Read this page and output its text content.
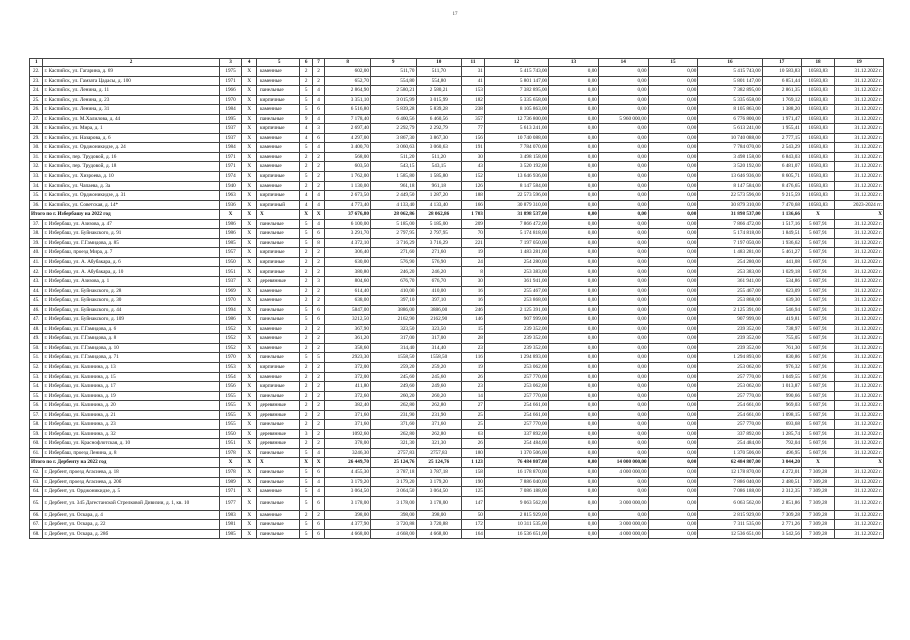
17
1	2	3	4	5	6	7	8	9	10	11	12	13	14	15	16	17	18	19
22.	г. Каспийск, ул. Гагарина, д. 69	1975	X	каменные	2	2	602,00	511,70	511,70	31	5 415 743,00	0,00	0,00	0,00	5 415 743,00	10 583,83	10583,83	31.12.2022 г.
23.	г. Каспийск, ул. Гамзата Цадасы, д. 100	1971	X	каменные	2	2	652,70	554,80	554,80	41	5 801 147,00	0,00	0,00	0,00	5 801 147,00	6 851,44	10583,83	31.12.2022 г.
24.	г. Каспийск, ул. Ленина, д. 11	1966	X	панельные	5	4	2 864,90	2 580,21	2 580,21	153	7 382 895,00	0,00	0,00	0,00	7 382 895,00	2 861,35	10583,83	31.12.2022 г.
25.	г. Каспийск, ул. Ленина, д. 23	1970	X	кирпичные	5	4	3 351,10	3 015,99	3 015,99	182	5 335 658,00	0,00	0,00	0,00	5 335 658,00	1 769,12	10583,83	31.12.2022 г.
26.	г. Каспийск, ул. Ленина, д. 31	1984	X	каменные	5	6	6 516,80	5 839,28	5 839,28	238	8 105 863,00	0,00	0,00	0,00	8 105 863,00	1 388,20	10583,83	31.12.2022 г.
27.	г. Каспийск, ул. М.Халилова, д. 44	1995	X	панельные	9	4	7 178,40	6 460,56	6 460,56	357	12 736 800,00	0,00	5 960 000,00	0,00	6 776 800,00	1 971,47	10583,83	31.12.2022 г.
28.	г. Каспийск, ул. Мира, д. 1	1937	X	кирпичные	4	3	2 697,40	2 292,79	2 292,79	77	5 613 241,00	0,00	0,00	0,00	5 613 241,00	1 955,41	10583,83	31.12.2022 г.
29.	г. Каспийск, ул. Назарова, д. 6	1937	X	каменные	4	6	4 297,00	3 867,30	3 867,30	156	10 740 088,00	0,00	0,00	0,00	10 740 088,00	2 777,15	10583,83	31.12.2022 г.
30.	г. Каспийск, ул. Орджоникидзе, д. 24	1984	X	каменные	5	4	3 400,70	3 060,63	3 060,63	191	7 784 070,00	0,00	0,00	0,00	7 784 070,00	2 543,29	10583,83	31.12.2022 г.
31.	г. Каспийск, пер. Трудовой, д. 16	1971	X	каменные	2	2	568,00	511,20	511,20	30	3 498 158,00	0,00	0,00	0,00	3 498 158,00	6 843,03	10583,83	31.12.2022 г.
32.	г. Каспийск, пер. Трудовой, д. 18	1971	X	каменные	2	2	603,50	543,15	543,15	43	3 520 192,00	0,00	0,00	0,00	3 520 192,00	6 481,07	10583,83	31.12.2022 г.
33.	г. Каспийск, ул. Хизроева, д. 10	1974	X	кирпичные	5	2	1 762,00	1 585,80	1 585,80	152	13 646 936,00	0,00	0,00	0,00	13 646 936,00	8 605,71	10583,83	31.12.2022 г.
34.	г. Каспийск, ул. Чапаева, д. 3а	1940	X	каменные	2	2	1 130,00	961,18	961,18	126	8 147 584,00	0,00	0,00	0,00	8 147 584,00	8 476,65	10583,83	31.12.2022 г.
35.	г. Каспийск, ул. Орджоникидзе, д. 31	1963	X	кирпичные	4	4	2 673,50	2 449,50	1 287,20	188	22 573 596,00	0,00	0,00	0,00	22 573 596,00	9 215,59	10583,83	31.12.2022 г.
36.	г. Каспийск, ул. Советская, д. 14*	1936	X	кирпичный	4	4	4 773,40	4 133,40	4 133,40	166	30 879 310,00	0,00	0,00	0,00	30 879 310,00	7 470,68	10583,83	2023-2024 гг.
Итого по г. Избербашу на 2022 год		X	X	X	X	X	37 676,80	28 062,86	28 062,86	1 703	31 898 537,00	0,00	0,00	0,00	31 898 537,00	1 136,66	X	X
37.	г. Избербаш, ул. Азизова, д. 47	1986	X	панельные	5	4	6 100,00	5 185,00	5 185,00	209	7 866 472,00	0,00	0,00	0,00	7 866 472,00	1 517,16	5 607,91	31.12.2022 г.
38.	г. Избербаш, ул. Буйнакского, д. 91	1986	X	панельные	5	6	3 291,70	2 797,95	2 797,95	70	5 174 818,00	0,00	0,00	0,00	5 174 818,00	1 849,51	5 607,91	31.12.2022 г.
39.	г. Избербаш, ул. Г.Гамидова, д. 85	1985	X	панельные	5	8	4 372,10	3 716,29	3 716,29	221	7 197 050,00	0,00	0,00	0,00	7 197 050,00	1 936,62	5 607,91	31.12.2022 г.
40.	г. Избербаш, проезд Мира, д. 7	1957	X	кирпичные	2	2	306,40	271,60	271,60	19	1 483 281,00	0,00	0,00	0,00	1 483 281,00	5 461,27	5 607,91	31.12.2022 г.
41.	г. Избербаш, ул. А. Абубакара, д. 6	1950	X	кирпичные	2	2	630,00	576,90	576,90	24	254 280,00	0,00	0,00	0,00	254 280,00	441,08	5 607,91	31.12.2022 г.
42.	г. Избербаш, ул. А. Абубакара, д. 10	1951	X	кирпичные	2	2	380,80	246,20	246,20	8	253 383,00	0,00	0,00	0,00	253 383,00	1 029,18	5 607,91	31.12.2022 г.
43.	г. Избербаш, ул. Азизова, д. 1	1937	X	деревянные	2	3	804,60	676,70	676,70	30	361 941,00	0,00	0,00	0,00	361 941,00	534,86	5 607,91	31.12.2022 г.
44.	г. Избербаш, ул. Буйнакского, д. 28	1969	X	каменные	2	2	614,40	410,00	410,00	16	255 467,00	0,00	0,00	0,00	255 467,00	623,09	5 607,91	31.12.2022 г.
45.	г. Избербаш, ул. Буйнакского, д. 30	1970	X	каменные	2	2	638,00	397,10	397,10	16	253 868,00	0,00	0,00	0,00	253 868,00	639,30	5 607,91	31.12.2022 г.
46.	г. Избербаш, ул. Буйнакского, д. 44	1994	X	панельные	5	6	5847,00	3886,00	3886,00	246	2 125 391,00	0,00	0,00	0,00	2 125 391,00	546,94	5 607,91	31.12.2022 г.
47.	г. Избербаш, ул. Буйнакского, д. 109	1986	X	панельные	5	6	3212,50	2162,90	2162,90	146	907 999,00	0,00	0,00	0,00	907 999,00	419,81	5 607,91	31.12.2022 г.
48.	г. Избербаш, ул. Г.Гамидова, д. 6	1952	X	каменные	2	2	367,90	323,50	323,50	15	239 352,00	0,00	0,00	0,00	239 352,00	738,97	5 607,91	31.12.2022 г.
49.	г. Избербаш, ул. Г.Гамидова, д. 8	1952	X	каменные	2	2	361,20	317,00	317,00	28	239 352,00	0,00	0,00	0,00	239 352,00	755,05	5 607,91	31.12.2022 г.
50.	г. Избербаш, ул. Г.Гамидова, д. 10	1952	X	каменные	2	2	358,60	314,40	314,40	23	239 352,00	0,00	0,00	0,00	239 352,00	761,30	5 607,91	31.12.2022 г.
51.	г. Избербаш, ул. Г.Гамидова, д. 71	1970	X	панельные	5	5	2923,30	1558,50	1558,50	116	1 294 893,00	0,00	0,00	0,00	1 294 893,00	830,86	5 607,91	31.12.2022 г.
52.	г. Избербаш, ул. Калинина, д. 13	1953	X	кирпичные	2	2	372,00	259,20	259,20	19	253 062,00	0,00	0,00	0,00	253 062,00	976,32	5 607,91	31.12.2022 г.
53.	г. Избербаш, ул. Калинина, д. 15	1954	X	каменные	2	2	372,00	245,60	245,60	26	257 770,00	0,00	0,00	0,00	257 770,00	1 049,55	5 607,91	31.12.2022 г.
54.	г. Избербаш, ул. Калинина, д. 17	1956	X	кирпичные	2	2	411,80	249,60	249,60	23	253 062,00	0,00	0,00	0,00	253 062,00	1 013,87	5 607,91	31.12.2022 г.
55.	г. Избербаш, ул. Калинина, д. 19	1955	X	панельные	2	2	372,60	260,20	260,20	14	257 770,00	0,00	0,00	0,00	257 770,00	990,66	5 607,91	31.12.2022 г.
56.	г. Избербаш, ул. Калинина, д. 20	1955	X	деревянные	2	2	382,40	262,80	262,80	27	254 661,00	0,00	0,00	0,00	254 661,00	969,03	5 607,91	31.12.2022 г.
57.	г. Избербаш, ул. Калинина, д. 21	1955	X	деревянные	2	2	371,60	231,90	231,90	25	254 661,00	0,00	0,00	0,00	254 661,00	1 098,15	5 607,91	31.12.2022 г.
58.	г. Избербаш, ул. Калинина, д. 23	1955	X	панельные	2	2	371,60	371,60	371,60	25	257 770,00	0,00	0,00	0,00	257 770,00	693,68	5 607,91	31.12.2022 г.
59.	г. Избербаш, ул. Калинина, д. 32	1950	X	деревянные	3	2	1092,60	262,80	262,80	63	337 892,00	0,00	0,00	0,00	337 892,00	1 285,74	5 607,91	31.12.2022 г.
60.	г. Избербаш, ул. Краснофлотская, д. 10	1951	X	деревянные	2	2	378,00	321,30	321,30	26	254 484,00	0,00	0,00	0,00	254 484,00	792,04	5 607,91	31.12.2022 г.
61.	г. Избербаш, проезд Ленина, д. 8	1978	X	панельные	5	4	3246,30	2757,83	2757,83	180	1 370 506,00	0,00	0,00	0,00	1 370 506,00	496,95	5 607,91	31.12.2022 г.
Итого по г. Дербенту на 2022 год		X	X	X	X	X	26 449,70	25 124,76	25 124,76	1 123	76 484 807,00	0,00	14 000 000,00	0,00	62 484 807,00	3 044,20	X	X
62.	г. Дербент, проезд Агасиева, д. 18	1978	X	панельные	5	6	4 455,30	3 787,18	3 787,18	158	16 178 870,00	0,00	4 000 000,00	0,00	12 178 870,00	4 272,01	7 309,28	31.12.2022 г.
63.	г. Дербент, проезд Агасиева, д. 20б	1989	X	панельные	5	4	3 179,20	3 179,20	3 179,20	190	7 886 040,00	0,00	0,00	0,00	7 886 040,00	2 480,51	7 309,28	31.12.2022 г.
64.	г. Дербент, ул. Орджоникидзе, д. 5	1971	X	каменные	5	4	3 064,50	3 064,50	3 064,50	125	7 086 188,00	0,00	0,00	0,00	7 086 188,00	2 312,35	7 309,28	31.12.2022 г.
65.	г. Дербент, ул. 345 Дагестанской Стрелковой Дивизии, д. 1, кв. 10	1977	X	панельные	5	6	3 178,00	3 178,00	3 178,00	147	9 063 562,00	0,00	3 000 000,00	0,00	6 063 562,00	2 851,86	7 309,28	31.12.2022 г.
66.	г. Дербент, ул. Оскара, д. 4	1983	X	каменные	2	2	398,00	398,00	398,00	50	2 815 929,00	0,00	0,00	0,00	2 815 929,00	7 309,28	7 309,28	31.12.2022 г.
67.	г. Дербент, ул. Оскара, д. 22	1981	X	панельные	5	6	4 377,90	3 720,88	3 720,88	172	10 311 535,00	0,00	3 000 000,00	0,00	7 311 535,00	2 771,26	7 309,28	31.12.2022 г.
68.	г. Дербент, ул. Оскара, д. 28б	1985	X	панельные	5	6	4 668,00	4 668,00	4 668,00	164	16 536 651,00	0,00	4 000 000,00	0,00	12 536 651,00	3 542,56	7 309,28	31.12.2022 г.
